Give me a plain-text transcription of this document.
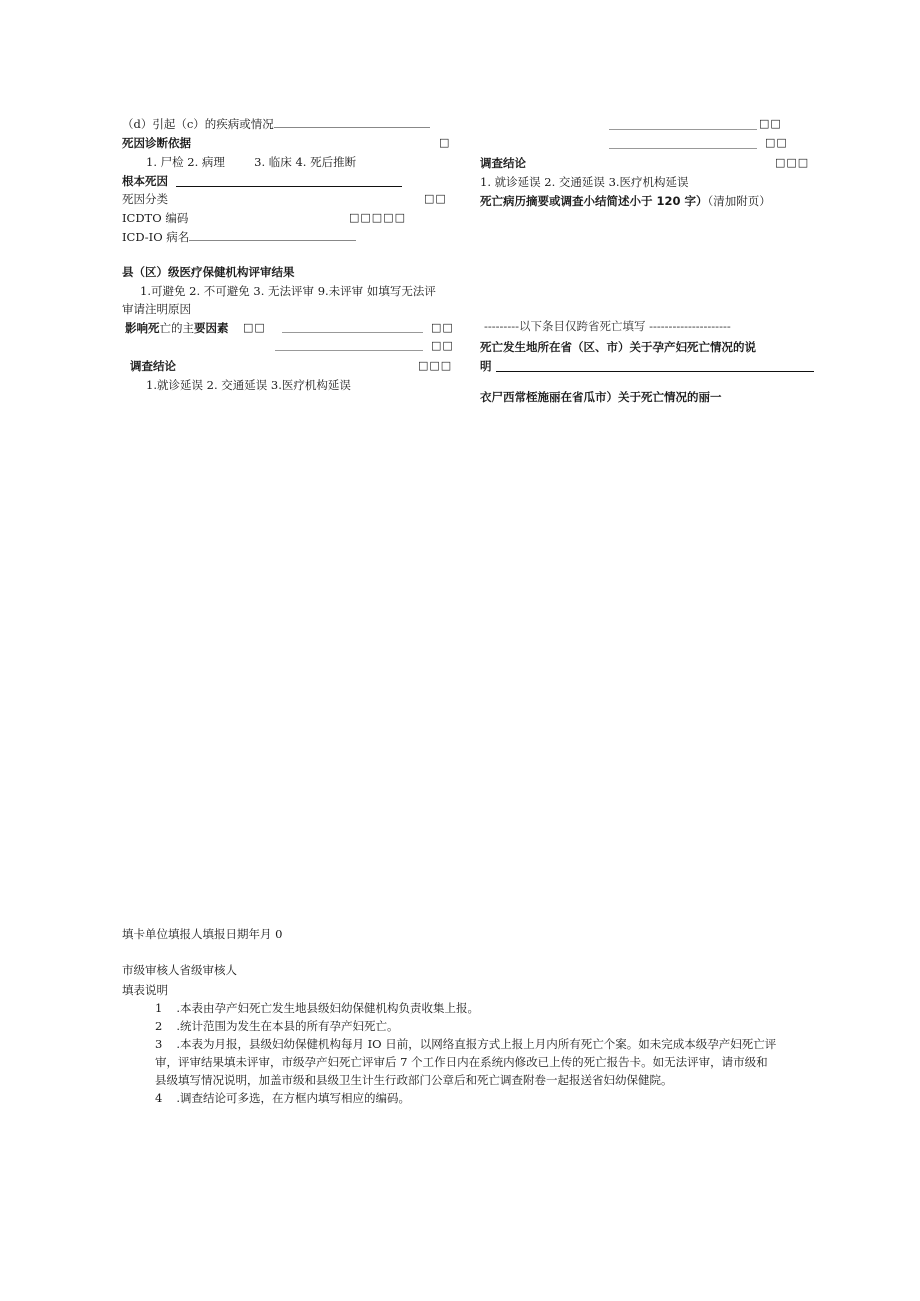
（d）引起（c）的疾病或情况
死因诊断依据	□
1. 尸检 2. 病理        3. 临床 4. 死后推断
根本死因
死因分类	□□
ICDTO 编码	□□□□□
ICD-IO 病名
县（区）级医疗保健机构评审结果
1.可避免 2. 不可避免 3. 无法评审 9.未评审 如填写无法评
审请注明原因
影响死亡的主要因素 □□	□□
□□
调查结论	□□□
1.就诊延误 2. 交通延误 3.医疗机构延误
□□
□□
调查结论	□□□
1. 就诊延误 2. 交通延误 3.医疗机构延误
死亡病历摘要或调查小结简述小于 120 字）（清加附页）
---------以下条目仅跨省死亡填写 ---------------------
死亡发生地所在省（区、市）关于孕产妇死亡情况的说
明
衣尸西常桎施丽在省瓜市）关于死亡情况的丽一
填卡单位填报人填报日期年月 0
市级审核人省级审核人
填表说明
1 .本表由孕产妇死亡发生地县级妇幼保健机构负责收集上报。
2 .统计范围为发生在本县的所有孕产妇死亡。
3 .本表为月报，县级妇幼保健机构每月 IO 日前，以网络直报方式上报上月内所有死亡个案。如未完成本级孕产妇死亡评
审，评审结果填未评审，市级孕产妇死亡评审后 7 个工作日内在系统内修改已上传的死亡报告卡。如无法评审，请市级和
县级填写情况说明，加盖市级和县级卫生计生行政部门公章后和死亡调查附卷一起报送省妇幼保健院。
4 .调查结论可多选，在方框内填写相应的编码。
